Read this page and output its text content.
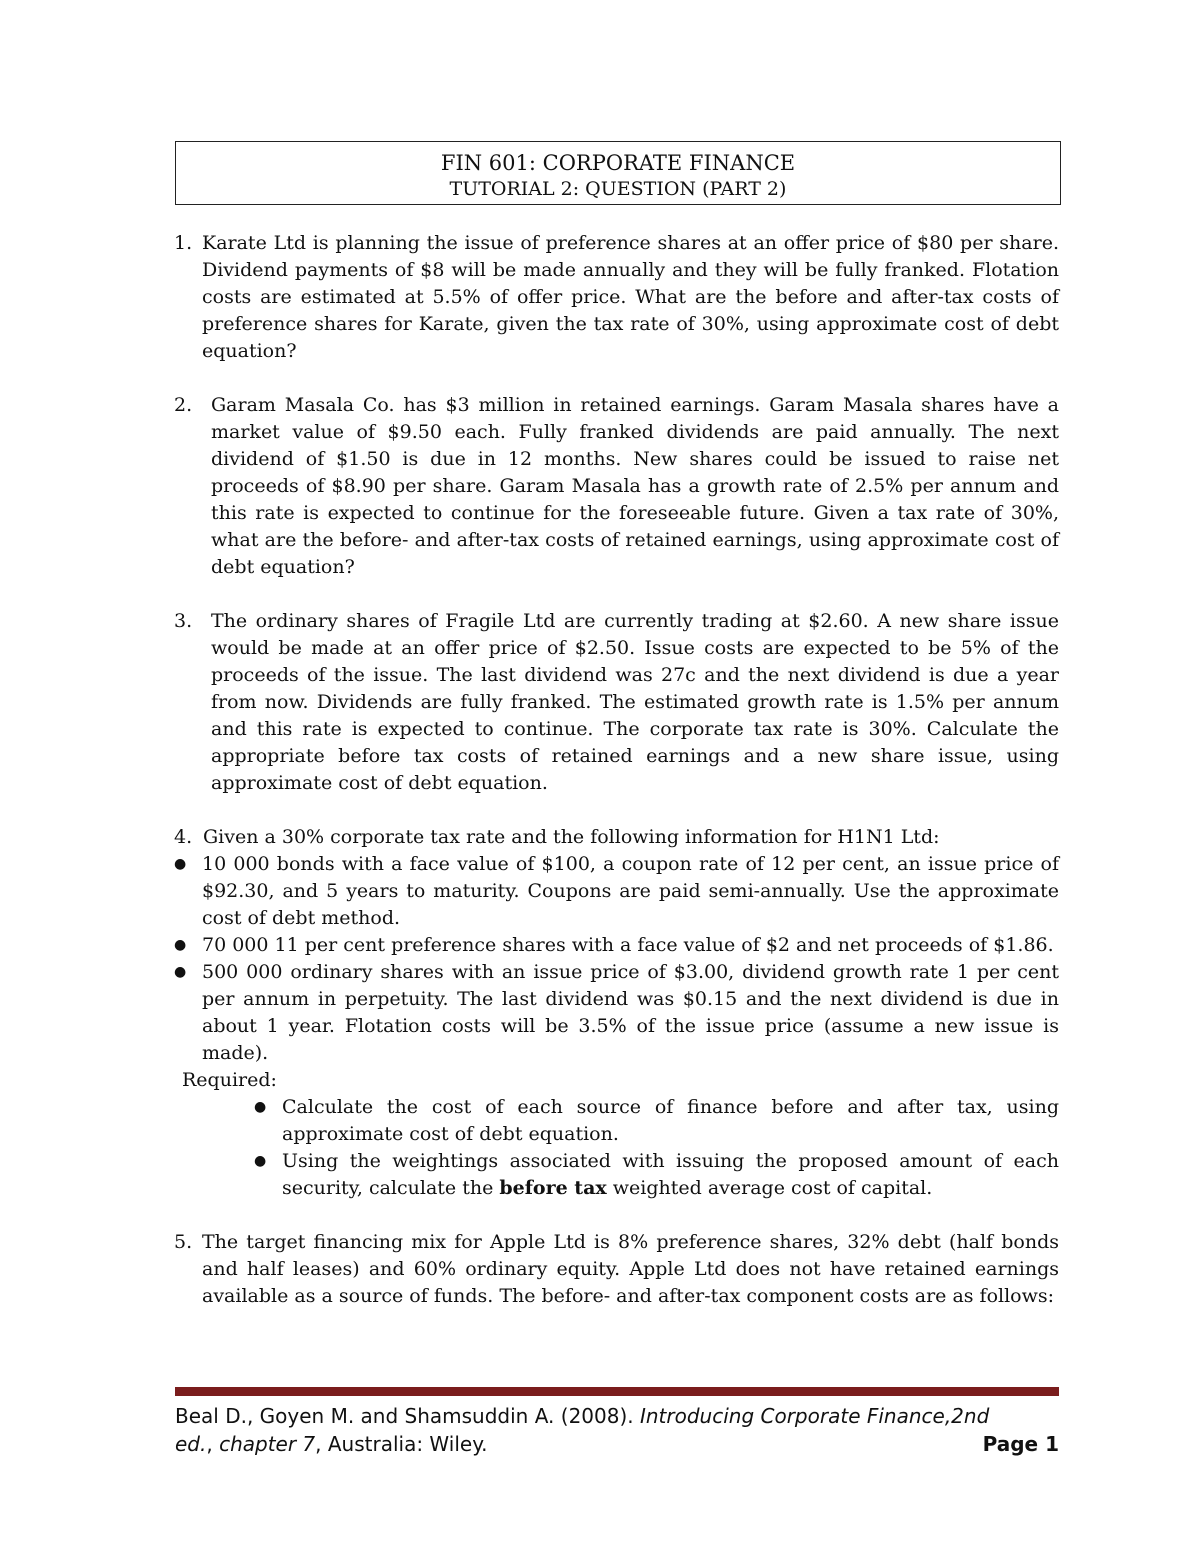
FIN 601: CORPORATE FINANCE
TUTORIAL 2: QUESTION (PART 2)
1. Karate Ltd is planning the issue of preference shares at an offer price of $80 per share. Dividend payments of $8 will be made annually and they will be fully franked. Flotation costs are estimated at 5.5% of offer price. What are the before and after-tax costs of preference shares for Karate, given the tax rate of 30%, using approximate cost of debt equation?
2. Garam Masala Co. has $3 million in retained earnings. Garam Masala shares have a market value of $9.50 each. Fully franked dividends are paid annually. The next dividend of $1.50 is due in 12 months. New shares could be issued to raise net proceeds of $8.90 per share. Garam Masala has a growth rate of 2.5% per annum and this rate is expected to continue for the foreseeable future. Given a tax rate of 30%, what are the before- and after-tax costs of retained earnings, using approximate cost of debt equation?
3. The ordinary shares of Fragile Ltd are currently trading at $2.60. A new share issue would be made at an offer price of $2.50. Issue costs are expected to be 5% of the proceeds of the issue. The last dividend was 27c and the next dividend is due a year from now. Dividends are fully franked. The estimated growth rate is 1.5% per annum and this rate is expected to continue. The corporate tax rate is 30%. Calculate the appropriate before tax costs of retained earnings and a new share issue, using approximate cost of debt equation.
4. Given a 30% corporate tax rate and the following information for H1N1 Ltd:
● 10 000 bonds with a face value of $100, a coupon rate of 12 per cent, an issue price of $92.30, and 5 years to maturity. Coupons are paid semi-annually. Use the approximate cost of debt method.
● 70 000 11 per cent preference shares with a face value of $2 and net proceeds of $1.86.
● 500 000 ordinary shares with an issue price of $3.00, dividend growth rate 1 per cent per annum in perpetuity. The last dividend was $0.15 and the next dividend is due in about 1 year. Flotation costs will be 3.5% of the issue price (assume a new issue is made).
Required:
● Calculate the cost of each source of finance before and after tax, using approximate cost of debt equation.
● Using the weightings associated with issuing the proposed amount of each security, calculate the before tax weighted average cost of capital.
5. The target financing mix for Apple Ltd is 8% preference shares, 32% debt (half bonds and half leases) and 60% ordinary equity. Apple Ltd does not have retained earnings available as a source of funds. The before- and after-tax component costs are as follows:
Beal D., Goyen M. and Shamsuddin A. (2008). Introducing Corporate Finance,2nd ed., chapter 7, Australia: Wiley.	Page 1
